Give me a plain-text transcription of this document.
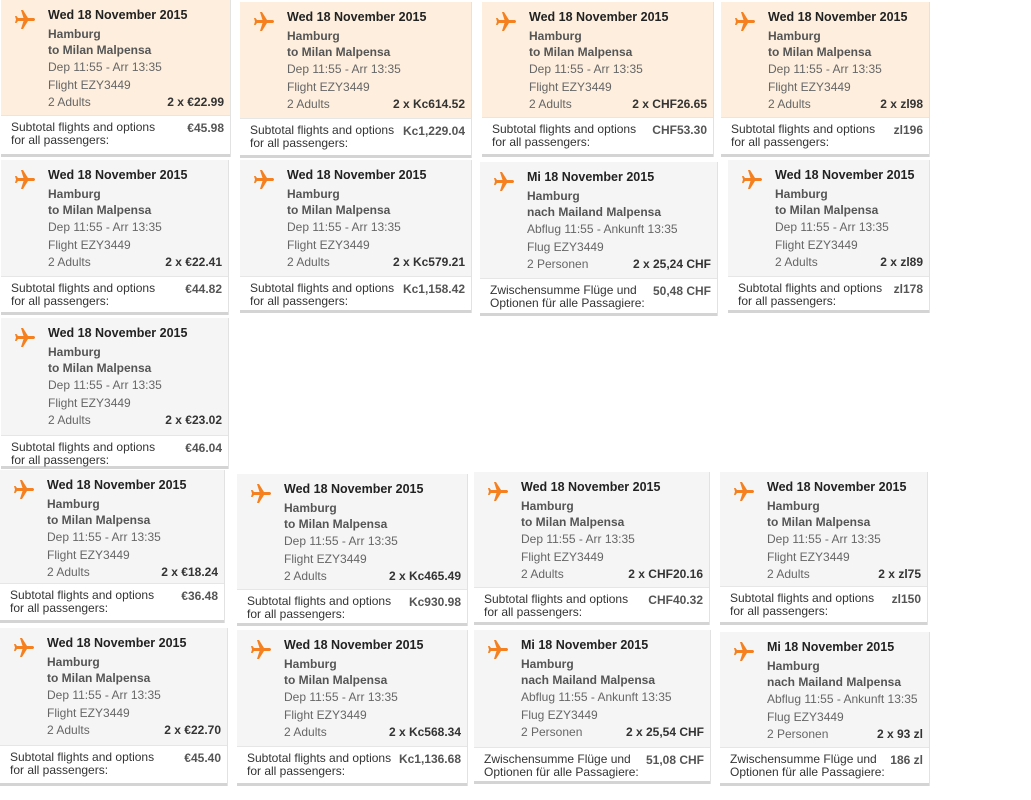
Wed 18 November 2015
Hamburg
to Milan Malpensa
Dep 11:55 - Arr 13:35
Flight EZY3449
2 Adults	2 x €22.99
Subtotal flights and options
for all passengers:
€45.98
Wed 18 November 2015
Hamburg
to Milan Malpensa
Dep 11:55 - Arr 13:35
Flight EZY3449
2 Adults	2 x Kc614.52
Subtotal flights and options
for all passengers:
Kc1,229.04
Wed 18 November 2015
Hamburg
to Milan Malpensa
Dep 11:55 - Arr 13:35
Flight EZY3449
2 Adults	2 x CHF26.65
Subtotal flights and options
for all passengers:
CHF53.30
Wed 18 November 2015
Hamburg
to Milan Malpensa
Dep 11:55 - Arr 13:35
Flight EZY3449
2 Adults	2 x zl98
Subtotal flights and options
for all passengers:
zl196
Wed 18 November 2015
Hamburg
to Milan Malpensa
Dep 11:55 - Arr 13:35
Flight EZY3449
2 Adults	2 x €22.41
Subtotal flights and options
for all passengers:
€44.82
Wed 18 November 2015
Hamburg
to Milan Malpensa
Dep 11:55 - Arr 13:35
Flight EZY3449
2 Adults	2 x Kc579.21
Subtotal flights and options
for all passengers:
Kc1,158.42
Mi 18 November 2015
Hamburg
nach Mailand Malpensa
Abflug 11:55 - Ankunft 13:35
Flug EZY3449
2 Personen	2 x 25,24 CHF
Zwischensumme Flüge und
Optionen für alle Passagiere:
50,48 CHF
Wed 18 November 2015
Hamburg
to Milan Malpensa
Dep 11:55 - Arr 13:35
Flight EZY3449
2 Adults	2 x zl89
Subtotal flights and options
for all passengers:
zl178
Wed 18 November 2015
Hamburg
to Milan Malpensa
Dep 11:55 - Arr 13:35
Flight EZY3449
2 Adults	2 x €23.02
Subtotal flights and options
for all passengers:
€46.04
Wed 18 November 2015
Hamburg
to Milan Malpensa
Dep 11:55 - Arr 13:35
Flight EZY3449
2 Adults	2 x €18.24
Subtotal flights and options
for all passengers:
€36.48
Wed 18 November 2015
Hamburg
to Milan Malpensa
Dep 11:55 - Arr 13:35
Flight EZY3449
2 Adults	2 x Kc465.49
Subtotal flights and options
for all passengers:
Kc930.98
Wed 18 November 2015
Hamburg
to Milan Malpensa
Dep 11:55 - Arr 13:35
Flight EZY3449
2 Adults	2 x CHF20.16
Subtotal flights and options
for all passengers:
CHF40.32
Wed 18 November 2015
Hamburg
to Milan Malpensa
Dep 11:55 - Arr 13:35
Flight EZY3449
2 Adults	2 x zl75
Subtotal flights and options
for all passengers:
zl150
Wed 18 November 2015
Hamburg
to Milan Malpensa
Dep 11:55 - Arr 13:35
Flight EZY3449
2 Adults	2 x €22.70
Subtotal flights and options
for all passengers:
€45.40
Wed 18 November 2015
Hamburg
to Milan Malpensa
Dep 11:55 - Arr 13:35
Flight EZY3449
2 Adults	2 x Kc568.34
Subtotal flights and options
for all passengers:
Kc1,136.68
Mi 18 November 2015
Hamburg
nach Mailand Malpensa
Abflug 11:55 - Ankunft 13:35
Flug EZY3449
2 Personen	2 x 25,54 CHF
Zwischensumme Flüge und
Optionen für alle Passagiere:
51,08 CHF
Mi 18 November 2015
Hamburg
nach Mailand Malpensa
Abflug 11:55 - Ankunft 13:35
Flug EZY3449
2 Personen	2 x 93 zl
Zwischensumme Flüge und
Optionen für alle Passagiere:
186 zl
